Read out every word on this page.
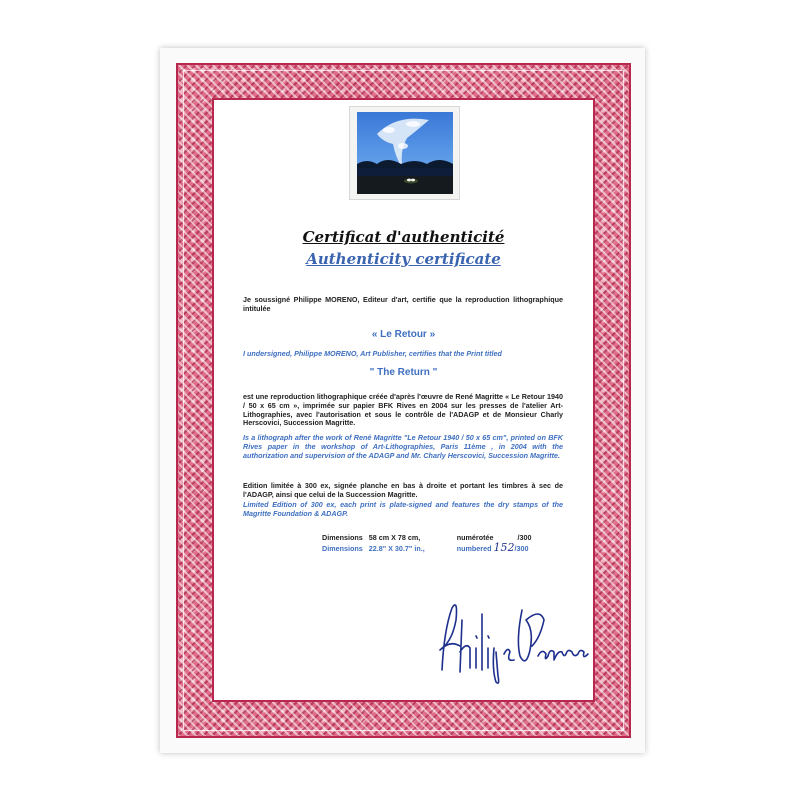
Certificat d'authenticité
Authenticity certificate
Je soussigné Philippe MORENO, Editeur d'art, certifie que la reproduction lithographique intitulée
« Le Retour »
I undersigned, Philippe MORENO, Art Publisher, certifies that the Print titled
" The Return "
est une reproduction lithographique créée d'après l'œuvre de René Magritte « Le Retour 1940 / 50 x 65 cm », imprimée sur papier BFK Rives en 2004 sur les presses de l'atelier Art-Lithographies, avec l'autorisation et sous le contrôle de l'ADAGP et de Monsieur Charly Herscovici, Succession Magritte.
Is a lithograph after the work of René Magritte "Le Retour 1940 / 50 x 65 cm", printed on BFK Rives paper in the workshop of Art-Lithographies, Paris 11ème , in 2004 with the authorization and supervision of the ADAGP and Mr. Charly Herscovici, Succession Magritte.
Edition limitée à 300 ex, signée planche en bas à droite et portant les timbres à sec de l'ADAGP, ainsi que celui de la Succession Magritte.
Limited Edition of 300 ex, each print is plate-signed and features the dry stamps of the Magritte Foundation & ADAGP.
Dimensions 58 cm X 78 cm,	numérotée	/300
Dimensions 22.8" X 30.7" in.,	numbered 152/300
